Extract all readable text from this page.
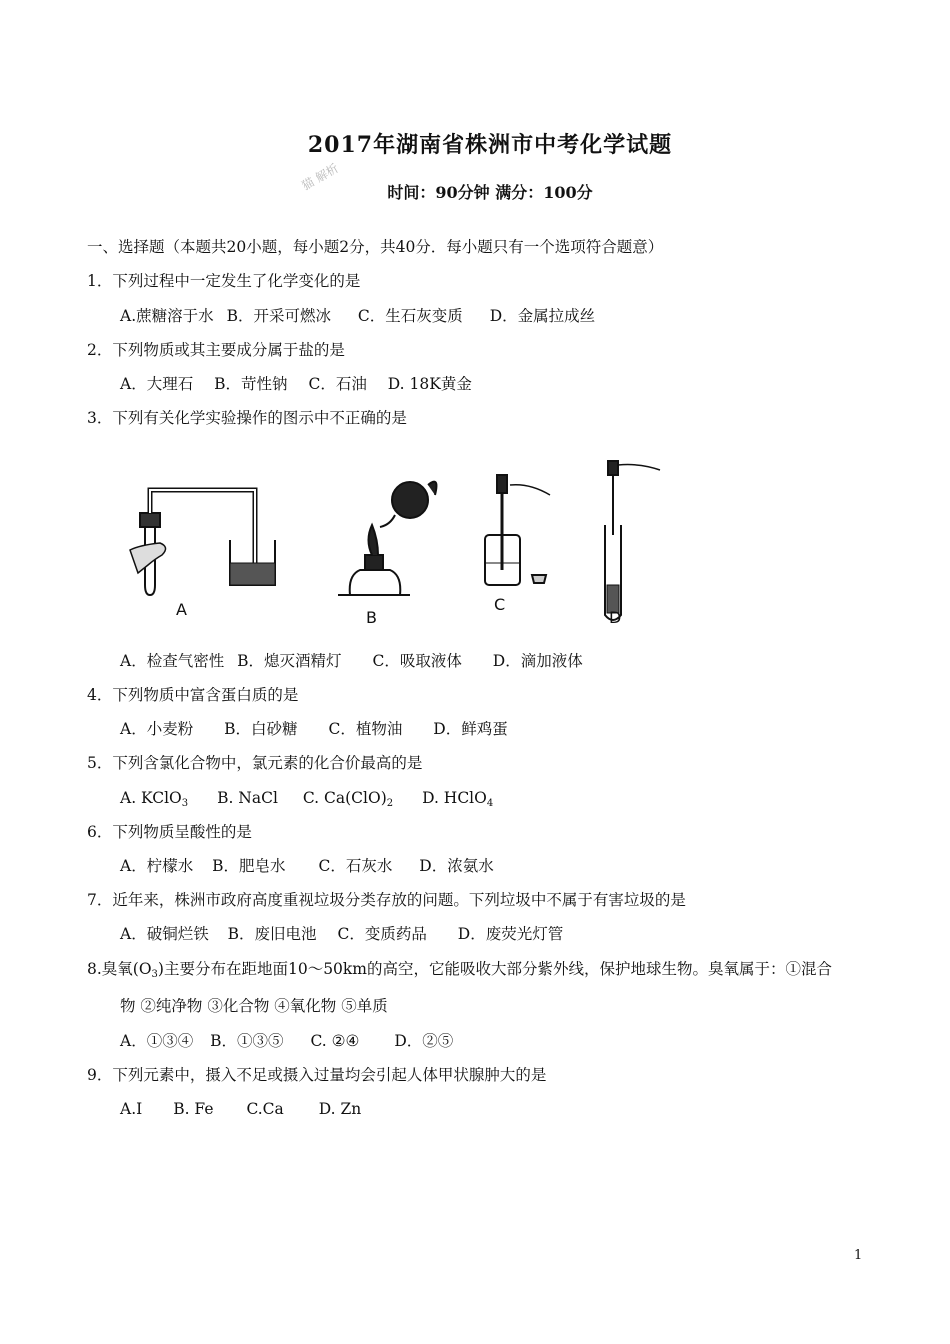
2017年湖南省株洲市中考化学试题
猫 解析	时间：90分钟 满分：100分
一、选择题（本题共20小题，每小题2分，共40分．每小题只有一个选项符合题意）
1．下列过程中一定发生了化学变化的是
A.蔗糖溶于水 B．开采可燃冰 C．生石灰变质 D．金属拉成丝
2．下列物质或其主要成分属于盐的是
A．大理石 B．苛性钠 C．石油 D. 18K黄金
3．下列有关化学实验操作的图示中不正确的是
A	B
C
D
A．检查气密性 B．熄灭酒精灯 C．吸取液体 D．滴加液体
4．下列物质中富含蛋白质的是
A．小麦粉 B．白砂糖 C．植物油 D．鲜鸡蛋
5．下列含氯化合物中，氯元素的化合价最高的是
A. KClO$_3$ B. NaCl C. $Ca(ClO)_2$ D. HClO$_4$
6．下列物质呈酸性的是
A．柠檬水 B．肥皂水 C．石灰水 D．浓氨水
7．近年来，株洲市政府高度重视垃圾分类存放的问题。下列垃圾中不属于有害垃圾的是
A．破铜烂铁 B．废旧电池 C．变质药品 D．废荧光灯管
8.臭氧$(O_3)$主要分布在距地面10～50km的高空，它能吸收大部分紫外线，保护地球生物。臭氧属于：①混合
物 ②纯净物 ③化合物 ④氧化物 ⑤单质
A．①③④ B．①③⑤ C. ②④ D．②⑤
9．下列元素中，摄入不足或摄入过量均会引起人体甲状腺肿大的是
A.I B. Fe C.Ca D. Zn
1
